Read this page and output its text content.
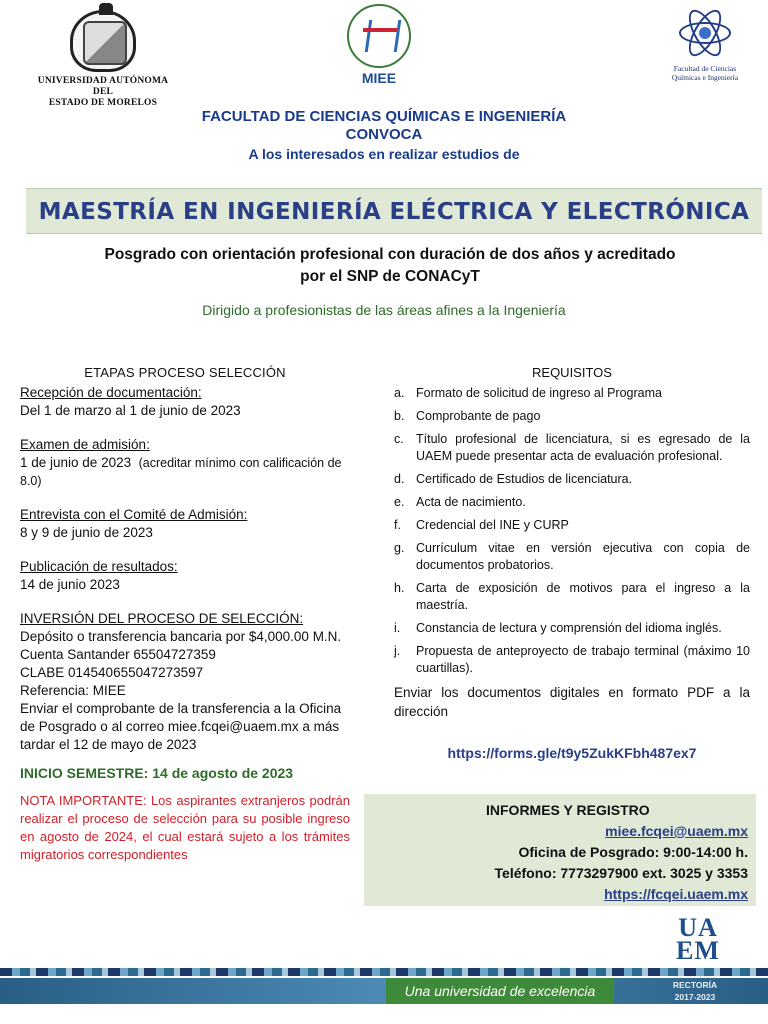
UNIVERSIDAD AUTÓNOMA DEL
ESTADO DE MORELOS
MIEE
Facultad de Ciencias
Químicas e Ingeniería
FACULTAD DE CIENCIAS QUÍMICAS E INGENIERÍA
CONVOCA
A los interesados en realizar estudios de
MAESTRÍA EN INGENIERÍA ELÉCTRICA Y ELECTRÓNICA
Posgrado con orientación profesional con duración de dos años y acreditado
por el SNP de CONACyT
Dirigido a profesionistas de las áreas afines a la Ingeniería
ETAPAS PROCESO SELECCIÓN
Recepción de documentación:
Del 1 de marzo al 1 de junio de 2023
Examen de admisión:
1 de junio de 2023 (acreditar mínimo con calificación de 8.0)
Entrevista con el Comité de Admisión:
8 y 9 de junio de 2023
Publicación de resultados:
14 de junio 2023
INVERSIÓN DEL PROCESO DE SELECCIÓN:

Depósito o transferencia bancaria por $4,000.00 M.N.

Cuenta Santander 65504727359

CLABE 014540655047273597

Referencia: MIEE

Enviar el comprobante de la transferencia a la Oficina de Posgrado o al correo miee.fcqei@uaem.mx a más tardar el 12 de mayo de 2023

INICIO SEMESTRE: 14 de agosto de 2023
NOTA IMPORTANTE: Los aspirantes extranjeros podrán realizar el proceso de selección para su posible ingreso en agosto de 2024, el cual estará sujeto a los trámites migratorios correspondientes
REQUISITOS
a. Formato de solicitud de ingreso al Programa
b. Comprobante de pago
c. Título profesional de licenciatura, si es egresado de la UAEM puede presentar acta de evaluación profesional.
d. Certificado de Estudios de licenciatura.
e. Acta de nacimiento.
f.	Credencial del INE y CURP
g. Currículum vitae en versión ejecutiva con copia de documentos probatorios.
h. Carta de exposición de motivos para el ingreso a la maestría.
i.	Constancia de lectura y comprensión del idioma inglés.
j.	Propuesta de anteproyecto de trabajo terminal (máximo 10 cuartillas).
Enviar los documentos digitales en formato PDF a la dirección
https://forms.gle/t9y5ZukKFbh487ex7
INFORMES Y REGISTRO
miee.fcqei@uaem.mx
Oficina de Posgrado: 9:00-14:00 h.
Teléfono: 7773297900 ext. 3025 y 3353
https://fcqei.uaem.mx
UA
EM
Una universidad de excelencia	RECTORÍA
2017-2023
